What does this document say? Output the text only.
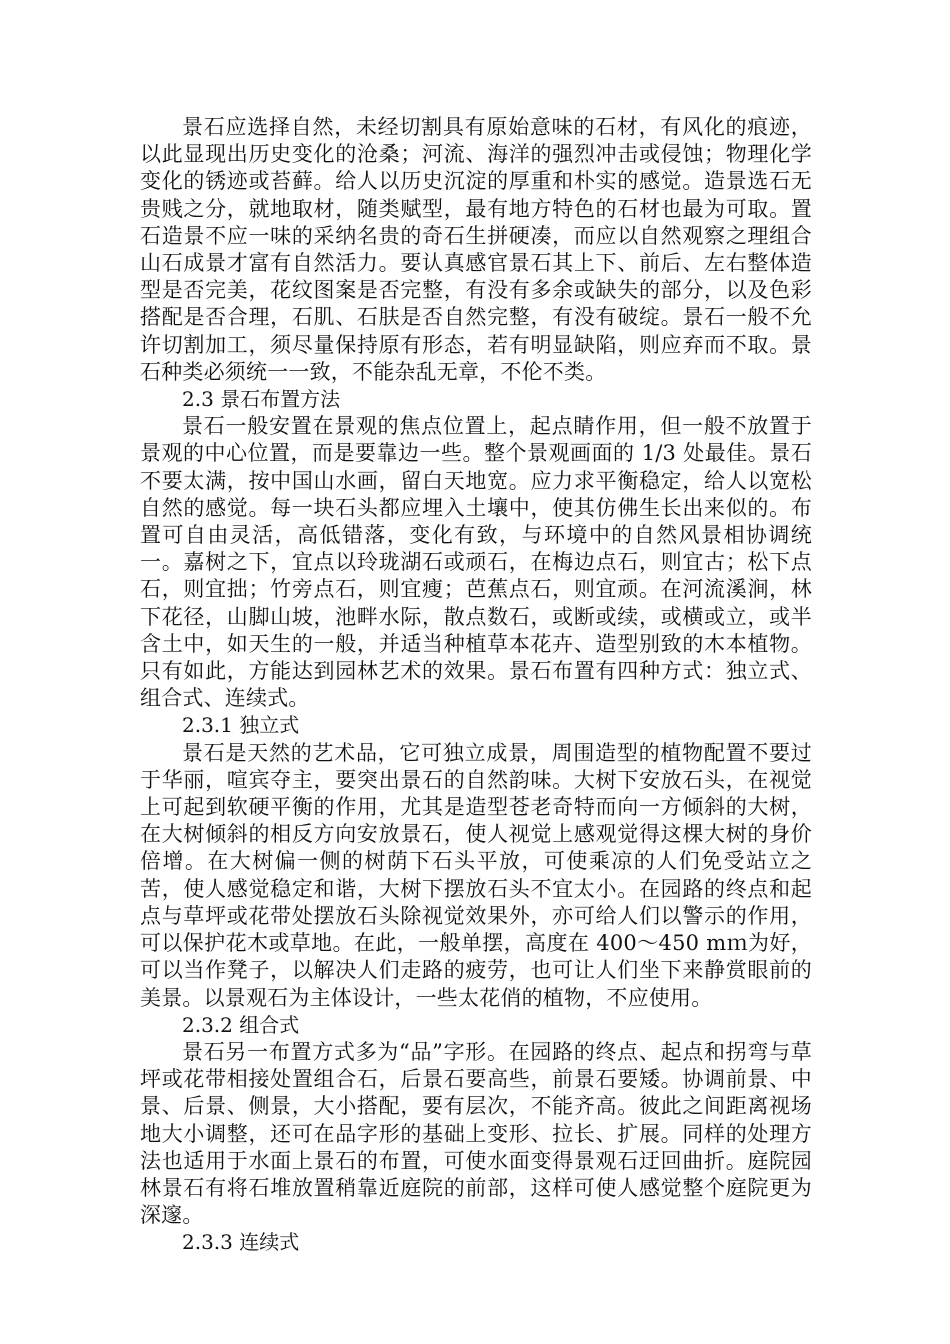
景石应选择自然，未经切割具有原始意味的石材，有风化的痕迹，以此显现出历史变化的沧桑；河流、海洋的强烈冲击或侵蚀；物理化学变化的锈迹或苔藓。给人以历史沉淀的厚重和朴实的感觉。造景选石无贵贱之分，就地取材，随类赋型，最有地方特色的石材也最为可取。置石造景不应一味的采纳名贵的奇石生拼硬凑，而应以自然观察之理组合山石成景才富有自然活力。要认真感官景石其上下、前后、左右整体造型是否完美，花纹图案是否完整，有没有多余或缺失的部分，以及色彩搭配是否合理，石肌、石肤是否自然完整，有没有破绽。景石一般不允许切割加工，须尽量保持原有形态，若有明显缺陷，则应弃而不取。景石种类必须统一一致，不能杂乱无章，不伦不类。

2.3 景石布置方法

景石一般安置在景观的焦点位置上，起点睛作用，但一般不放置于景观的中心位置，而是要靠边一些。整个景观画面的 1/3 处最佳。景石不要太满，按中国山水画，留白天地宽。应力求平衡稳定，给人以宽松自然的感觉。每一块石头都应埋入土壤中，使其仿佛生长出来似的。布置可自由灵活，高低错落，变化有致，与环境中的自然风景相协调统一。嘉树之下，宜点以玲珑湖石或顽石，在梅边点石，则宜古；松下点石，则宜拙；竹旁点石，则宜瘦；芭蕉点石，则宜顽。在河流溪涧，林下花径，山脚山坡，池畔水际，散点数石，或断或续，或横或立，或半含土中，如天生的一般，并适当种植草本花卉、造型别致的木本植物。只有如此，方能达到园林艺术的效果。景石布置有四种方式：独立式、组合式、连续式。

2.3.1 独立式

景石是天然的艺术品，它可独立成景，周围造型的植物配置不要过于华丽，喧宾夺主，要突出景石的自然韵味。大树下安放石头，在视觉上可起到软硬平衡的作用，尤其是造型苍老奇特而向一方倾斜的大树，在大树倾斜的相反方向安放景石，使人视觉上感观觉得这棵大树的身价倍增。在大树偏一侧的树荫下石头平放，可使乘凉的人们免受站立之苦，使人感觉稳定和谐，大树下摆放石头不宜太小。在园路的终点和起点与草坪或花带处摆放石头除视觉效果外，亦可给人们以警示的作用，可以保护花木或草地。在此，一般单摆，高度在 400～450 mｍ为好，可以当作凳子，以解决人们走路的疲劳，也可让人们坐下来静赏眼前的美景。以景观石为主体设计，一些太花俏的植物，不应使用。

2.3.2 组合式

景石另一布置方式多为“品”字形。在园路的终点、起点和拐弯与草坪或花带相接处置组合石，后景石要高些，前景石要矮。协调前景、中景、后景、侧景，大小搭配，要有层次，不能齐高。彼此之间距离视场地大小调整，还可在品字形的基础上变形、拉长、扩展。同样的处理方法也适用于水面上景石的布置，可使水面变得景观石迂回曲折。庭院园林景石有将石堆放置稍靠近庭院的前部，这样可使人感觉整个庭院更为深邃。

2.3.3 连续式
